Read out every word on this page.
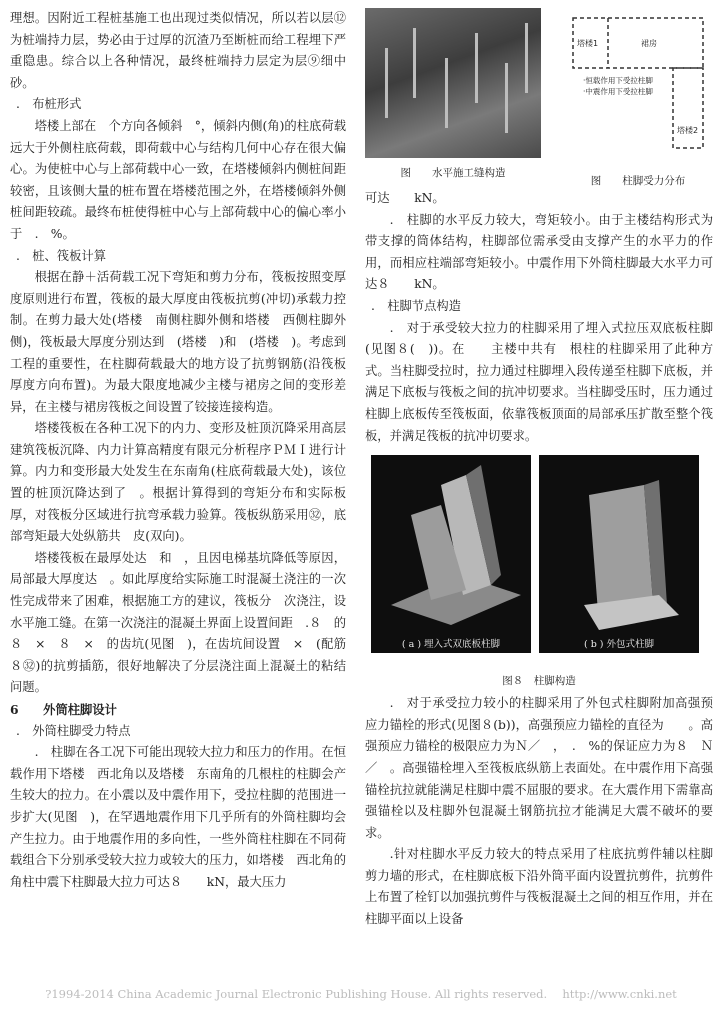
理想。因附近工程桩基施工也出现过类似情况，所以若以层⑫为桩端持力层，势必由于过厚的沉渣乃至断桩而给工程埋下严重隐患。综合以上各种情况，最终桩端持力层定为层⑨细中砂。

.　布桩形式

塔楼上部在　个方向各倾斜　°，倾斜内侧(角)的柱底荷载远大于外侧柱底荷载，即荷载中心与结构几何中心存在很大偏心。为使桩中心与上部荷载中心一致，在塔楼倾斜内侧桩间距较密，且该侧大量的桩布置在塔楼范围之外，在塔楼倾斜外侧桩间距较疏。最终布桩使得桩中心与上部荷载中心的偏心率小于　.　%。

.　桩、筏板计算

根据在静＋活荷载工况下弯矩和剪力分布，筏板按照变厚度原则进行布置，筏板的最大厚度由筏板抗剪(冲切)承载力控制。在剪力最大处(塔楼　南侧柱脚外侧和塔楼　西侧柱脚外侧)，筏板最大厚度分别达到　(塔楼　)和　(塔楼　)。考虑到工程的重要性，在柱脚荷载最大的地方设了抗剪钢筋(沿筏板厚度方向布置)。为最大限度地减少主楼与裙房之间的变形差异，在主楼与裙房筏板之间设置了铰接连接构造。

塔楼筏板在各种工况下的内力、变形及桩顶沉降采用高层建筑筏板沉降、内力计算高精度有限元分析程序ＰＭＩ进行计算。内力和变形最大处发生在东南角(柱底荷载最大处)，该位置的桩顶沉降达到了　。根据计算得到的弯矩分布和实际板厚，对筏板分区域进行抗弯承载力验算。筏板纵筋采用㉜，底部弯矩最大处纵筋共　皮(双向)。

塔楼筏板在最厚处达　和　，且因电梯基坑降低等原因，局部最大厚度达　。如此厚度给实际施工时混凝土浇注的一次性完成带来了困难，根据施工方的建议，筏板分　次浇注，设水平施工缝。在第一次浇注的混凝土界面上设置间距　.８　的　８　×　８　×　的齿坑(见图　)，在齿坑间设置　×　(配筋８㉜)的抗剪插筋，很好地解决了分层浇注面上混凝土的粘结问题。

6　　外筒柱脚设计
.　外筒柱脚受力特点

.　柱脚在各工况下可能出现较大拉力和压力的作用。在恒载作用下塔楼　西北角以及塔楼　东南角的几根柱的柱脚会产生较大的拉力。在小震以及中震作用下，受拉柱脚的范围进一步扩大(见图　)，在罕遇地震作用下几乎所有的外筒柱脚均会产生拉力。由于地震作用的多向性，一些外筒柱柱脚在不同荷载组合下分别承受较大拉力或较大的压力，如塔楼　西北角的角柱中震下柱脚最大拉力可达８　　kN，最大压力

图　　水平施工缝构造
塔楼1	裙房
塔楼2
·恒载作用下受拉柱脚
·中震作用下受拉柱脚
图　　柱脚受力分布

可达　　kN。

.　柱脚的水平反力较大，弯矩较小。由于主楼结构形式为带支撑的筒体结构，柱脚部位需承受由支撑产生的水平力的作用，而相应柱端部弯矩较小。中震作用下外筒柱脚最大水平力可达８　　kN。

.　柱脚节点构造

.　对于承受较大拉力的柱脚采用了埋入式拉压双底板柱脚(见图８(　))。在　　主楼中共有　根柱的柱脚采用了此种方式。当柱脚受拉时，拉力通过柱脚埋入段传递至柱脚下底板，并满足下底板与筏板之间的抗冲切要求。当柱脚受压时，压力通过柱脚上底板传至筏板面，依靠筏板顶面的局部承压扩散至整个筏板，并满足筏板的抗冲切要求。

( a ) 埋入式双底板柱脚	( b ) 外包式柱脚
图８　柱脚构造

.　对于承受拉力较小的柱脚采用了外包式柱脚附加高强预应力锚栓的形式(见图８(b))，高强预应力锚栓的直径为　　。高强预应力锚栓的极限应力为Ｎ／　，　.　%的保证应力为８　Ｎ／　。高强锚栓埋入至筏板底纵筋上表面处。在中震作用下高强锚栓抗拉就能满足柱脚中震不屈服的要求。在大震作用下需靠高强锚栓以及柱脚外包混凝土钢筋抗拉才能满足大震不破坏的要求。

.针对柱脚水平反力较大的特点采用了柱底抗剪件辅以柱脚剪力墙的形式，在柱脚底板下沿外筒平面内设置抗剪件，抗剪件上布置了栓钉以加强抗剪件与筏板混凝土之间的相互作用，并在柱脚平面以上设备

?1994-2014 China Academic Journal Electronic Publishing House. All rights reserved.　 http://www.cnki.net
